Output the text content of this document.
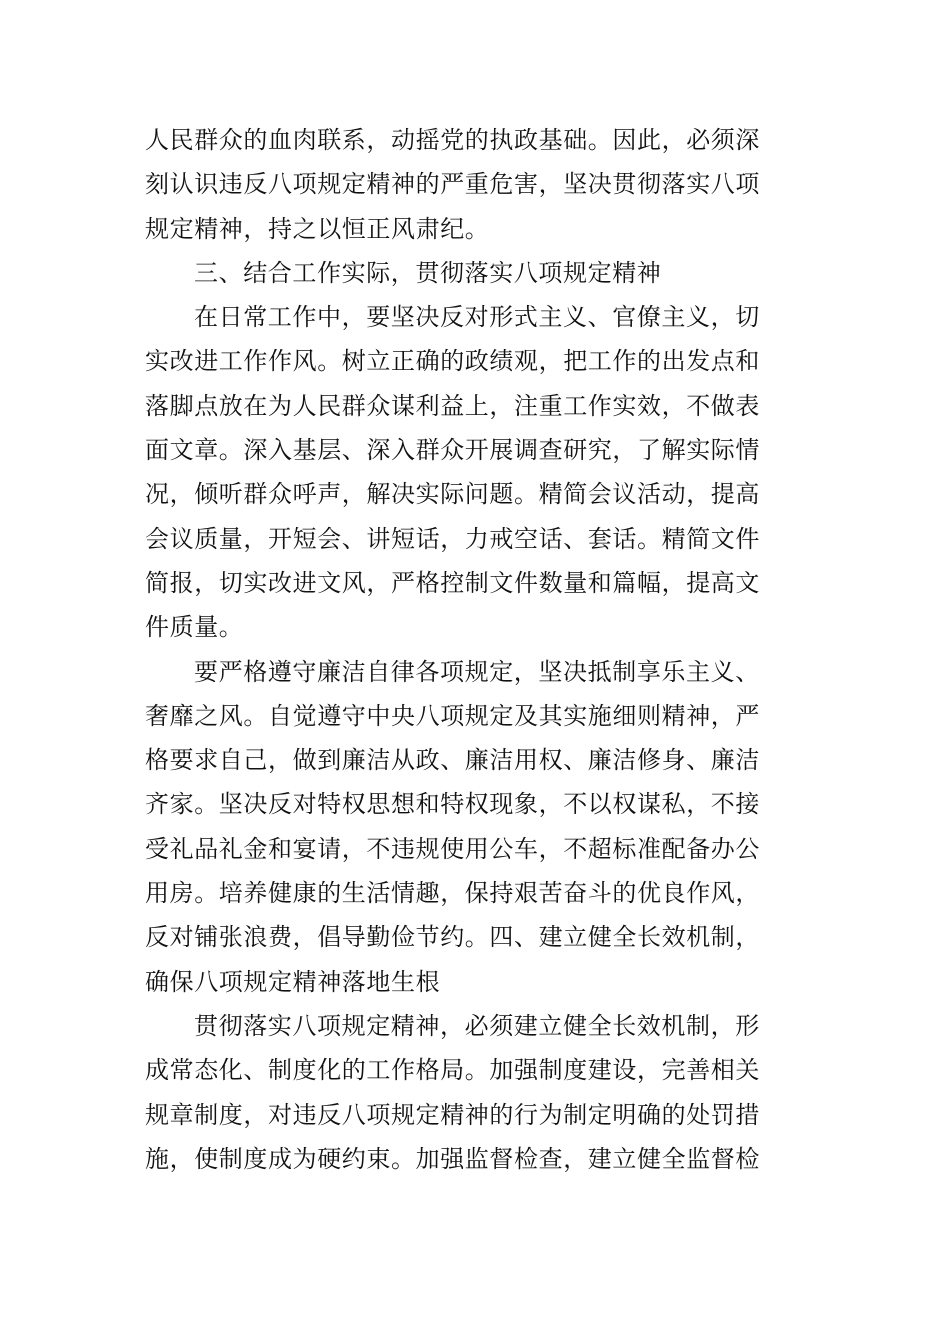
人民群众的血肉联系，动摇党的执政基础。因此，必须深
刻认识违反八项规定精神的严重危害，坚决贯彻落实八项
规定精神，持之以恒正风肃纪。
三、结合工作实际，贯彻落实八项规定精神
在日常工作中，要坚决反对形式主义、官僚主义，切
实改进工作作风。树立正确的政绩观，把工作的出发点和
落脚点放在为人民群众谋利益上，注重工作实效，不做表
面文章。深入基层、深入群众开展调查研究，了解实际情
况，倾听群众呼声，解决实际问题。精简会议活动，提高
会议质量，开短会、讲短话，力戒空话、套话。精简文件
简报，切实改进文风，严格控制文件数量和篇幅，提高文
件质量。
要严格遵守廉洁自律各项规定，坚决抵制享乐主义、
奢靡之风。自觉遵守中央八项规定及其实施细则精神，严
格要求自己，做到廉洁从政、廉洁用权、廉洁修身、廉洁
齐家。坚决反对特权思想和特权现象，不以权谋私，不接
受礼品礼金和宴请，不违规使用公车，不超标准配备办公
用房。培养健康的生活情趣，保持艰苦奋斗的优良作风，
反对铺张浪费，倡导勤俭节约。四、建立健全长效机制，
确保八项规定精神落地生根
贯彻落实八项规定精神，必须建立健全长效机制，形
成常态化、制度化的工作格局。加强制度建设，完善相关
规章制度，对违反八项规定精神的行为制定明确的处罚措
施，使制度成为硬约束。加强监督检查，建立健全监督检
